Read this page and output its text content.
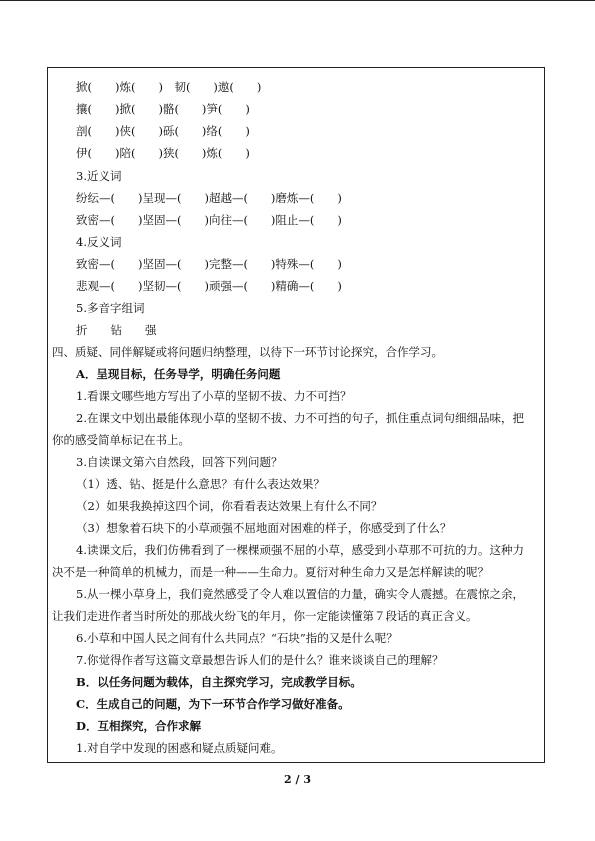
掀(　　)炼(　　)　韧(　　)遨(　　)
攘(　　)掀(　　)骼(　　)笋(　　)
剖(　　)侠(　　)砾(　　)络(　　)
伊(　　)陪(　　)狭(　　)炼(　　)
3.近义词
纷纭—(　　)呈现—(　　)超越—(　　)磨炼—(　　)
致密—(　　)坚固—(　　)向往—(　　)阻止—(　　)
4.反义词
致密—(　　)坚固—(　　)完整—(　　)特殊—(　　)
悲观—(　　)坚韧—(　　)顽强—(　　)精确—(　　)
5.多音字组词
折　　钻　　强
四、质疑、同伴解疑或将问题归纳整理，以待下一环节讨论探究，合作学习。
A．呈现目标，任务导学，明确任务问题
1.看课文哪些地方写出了小草的坚韧不拔、力不可挡？
2.在课文中划出最能体现小草的坚韧不拔、力不可挡的句子，抓住重点词句细细品味，把
你的感受简单标记在书上。
3.自读课文第六自然段，回答下列问题？
（1）透、钻、挺是什么意思？有什么表达效果？
（2）如果我换掉这四个词，你看看表达效果上有什么不同？
（3）想象着石块下的小草顽强不屈地面对困难的样子，你感受到了什么？
4.读课文后，我们仿佛看到了一棵棵顽强不屈的小草，感受到小草那不可抗的力。这种力
决不是一种简单的机械力，而是一种——生命力。夏衍对种生命力又是怎样解读的呢？
5.从一棵小草身上，我们竟然感受了令人难以置信的力量，确实令人震撼。在震惊之余，
让我们走进作者当时所处的那战火纷飞的年月，你一定能读懂第７段话的真正含义。
6.小草和中国人民之间有什么共同点？“石块”指的又是什么呢？
7.你觉得作者写这篇文章最想告诉人们的是什么？谁来谈谈自己的理解？
B．以任务问题为载体，自主探究学习，完成教学目标。
C．生成自己的问题，为下一环节合作学习做好准备。
D．互相探究，合作求解
1.对自学中发现的困惑和疑点质疑问难。
2 / 3
